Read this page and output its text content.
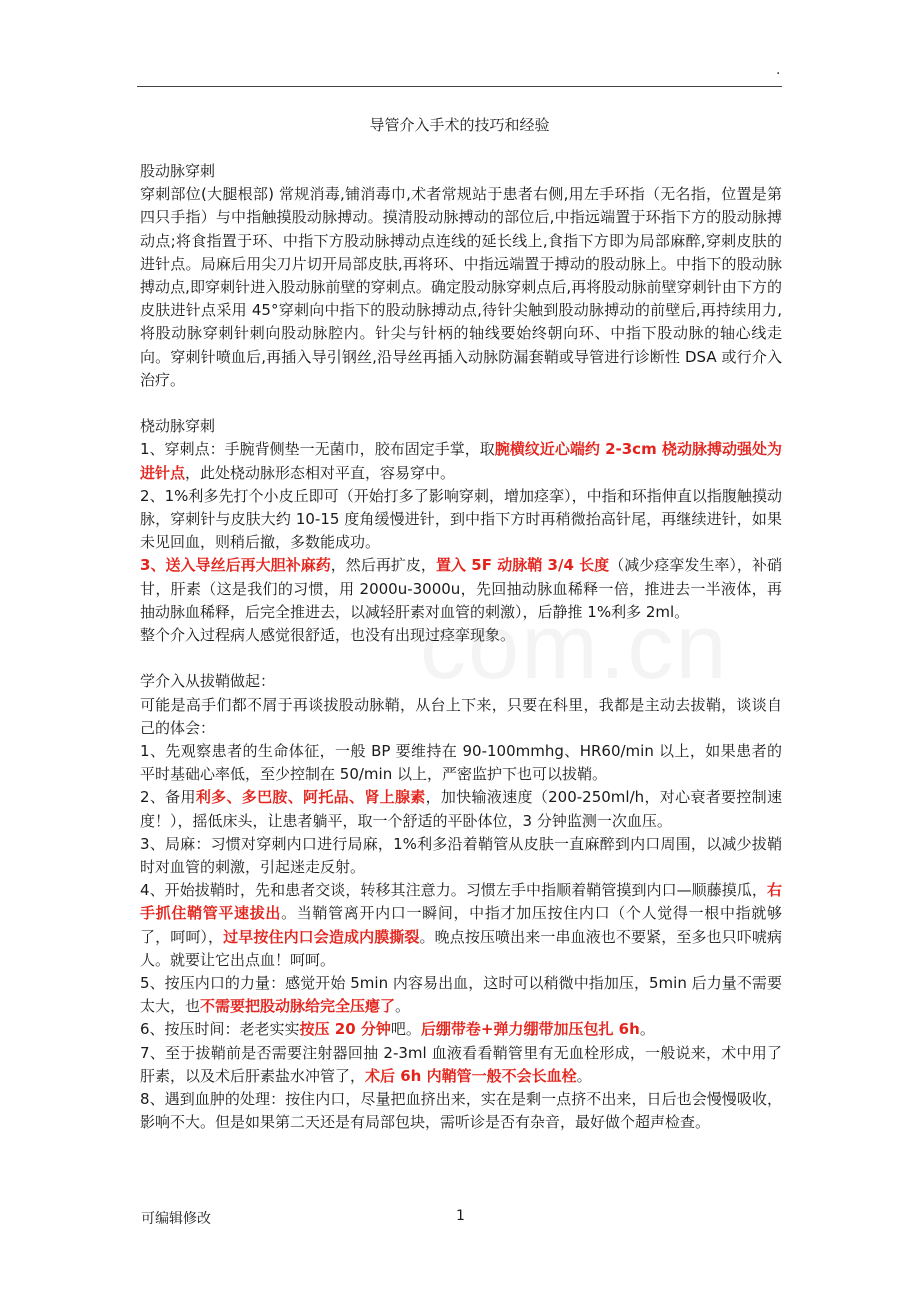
.
导管介入手术的技巧和经验

股动脉穿刺

穿刺部位(大腿根部) 常规消毒,铺消毒巾,术者常规站于患者右侧,用左手环指（无名指，位置是第四只手指）与中指触摸股动脉搏动。摸清股动脉搏动的部位后,中指远端置于环指下方的股动脉搏动点;将食指置于环、中指下方股动脉搏动点连线的延长线上,食指下方即为局部麻醉,穿刺皮肤的进针点。局麻后用尖刀片切开局部皮肤,再将环、中指远端置于搏动的股动脉上。中指下的股动脉搏动点,即穿刺针进入股动脉前壁的穿刺点。确定股动脉穿刺点后,再将股动脉前壁穿刺针由下方的皮肤进针点采用 45°穿刺向中指下的股动脉搏动点,待针尖触到股动脉搏动的前壁后,再持续用力,将股动脉穿刺针刺向股动脉腔内。针尖与针柄的轴线要始终朝向环、中指下股动脉的轴心线走向。穿刺针喷血后,再插入导引钢丝,沿导丝再插入动脉防漏套鞘或导管进行诊断性 DSA 或行介入治疗。

桡动脉穿刺

1、穿刺点：手腕背侧垫一无菌巾，胶布固定手掌，取腕横纹近心端约 2-3cm 桡动脉搏动强处为进针点，此处桡动脉形态相对平直，容易穿中。

2、1%利多先打个小皮丘即可（开始打多了影响穿刺，增加痉挛），中指和环指伸直以指腹触摸动脉，穿刺针与皮肤大约 10-15 度角缓慢进针，到中指下方时再稍微抬高针尾，再继续进针，如果未见回血，则稍后撤，多数能成功。

3、送入导丝后再大胆补麻药，然后再扩皮，置入 5F 动脉鞘 3/4 长度（减少痉挛发生率），补硝甘，肝素（这是我们的习惯，用 2000u-3000u，先回抽动脉血稀释一倍，推进去一半液体，再抽动脉血稀释，后完全推进去，以减轻肝素对血管的刺激），后静推 1%利多 2ml。

整个介入过程病人感觉很舒适，也没有出现过痉挛现象。

学介入从拔鞘做起：

可能是高手们都不屑于再谈拔股动脉鞘，从台上下来，只要在科里，我都是主动去拔鞘，谈谈自己的体会：

1、先观察患者的生命体征，一般 BP 要维持在 90-100mmhg、HR60/min 以上，如果患者的平时基础心率低，至少控制在 50/min 以上，严密监护下也可以拔鞘。

2、备用利多、多巴胺、阿托品、肾上腺素，加快输液速度（200-250ml/h，对心衰者要控制速度！），摇低床头，让患者躺平，取一个舒适的平卧体位，3 分钟监测一次血压。

3、局麻：习惯对穿刺内口进行局麻，1%利多沿着鞘管从皮肤一直麻醉到内口周围，以减少拔鞘时对血管的刺激，引起迷走反射。

4、开始拔鞘时，先和患者交谈，转移其注意力。习惯左手中指顺着鞘管摸到内口—顺藤摸瓜，右手抓住鞘管平速拔出。当鞘管离开内口一瞬间，中指才加压按住内口（个人觉得一根中指就够了，呵呵），过早按住内口会造成内膜撕裂。晚点按压喷出来一串血液也不要紧，至多也只吓唬病人。就要让它出点血！呵呵。

5、按压内口的力量：感觉开始 5min 内容易出血，这时可以稍微中指加压，5min 后力量不需要太大，也不需要把股动脉给完全压瘪了。

6、按压时间：老老实实按压 20 分钟吧。后绷带卷+弹力绷带加压包扎 6h。

7、至于拔鞘前是否需要注射器回抽 2-3ml 血液看看鞘管里有无血栓形成，一般说来，术中用了肝素，以及术后肝素盐水冲管了，术后 6h 内鞘管一般不会长血栓。

8、遇到血肿的处理：按住内口，尽量把血挤出来，实在是剩一点挤不出来，日后也会慢慢吸收，影响不大。但是如果第二天还是有局部包块，需听诊是否有杂音，最好做个超声检查。

可编辑修改	1
